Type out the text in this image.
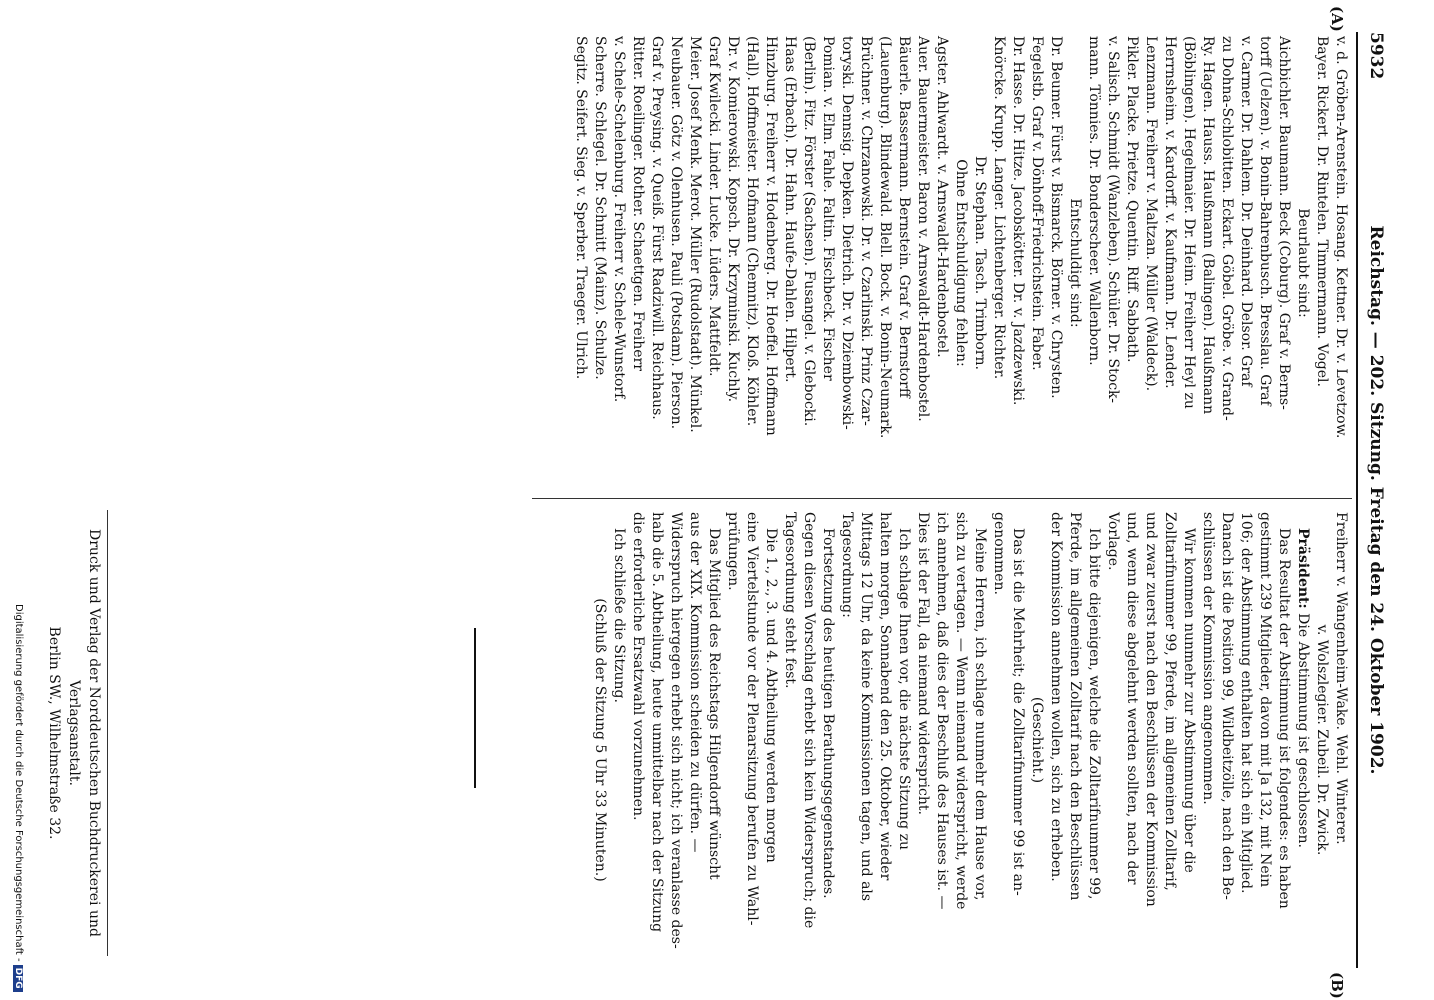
5932
Reichstag. — 202. Sitzung. Freitag den 24. Oktober 1902.
(A)
(B)

v. d. Gröben-Arenstein. Hosang. Kettner. Dr. v. Levetzow.

Bayer. Rickert. Dr. Rintelen. Timmermann. Vogel.

Beurlaubt sind:

Aichbichler. Baumann. Beck (Coburg). Graf v. Berns-

torff (Uelzen). v. Bonin-Bahrenbusch. Bresslau. Graf

v. Carmer. Dr. Dahlem. Dr. Deinhard. Delsor. Graf

zu Dohna-Schlobitten. Eckart. Göbel. Gröbe. v. Grand-

Ry. Hagen. Hauss. Haußmann (Balingen). Haußmann

(Böblingen). Hegelmaier. Dr. Heim. Freiherr Heyl zu

Herrnsheim. v. Kardorff. v. Kaufmann. Dr. Lender.

Lenzmann. Freiherr v. Maltzan. Müller (Waldeck).

Pikler. Placke. Prietze. Quentin. Riff. Sabbath.

v. Salisch. Schmidt (Wanzleben). Schüler. Dr. Stock-

mann. Tönnies. Dr. Bonderscheer. Wallenborn.

Entschuldigt sind:

Dr. Beumer. Fürst v. Bismarck. Börner. v. Chrysten.

Fegelstb. Graf v. Dönhoff-Friedrichstein. Faber.

Dr. Hasse. Dr. Hitze. Jacobskötter. Dr. v. Jazdzewski.

Knörcke. Krupp. Langer. Lichtenberger. Richter.

Dr. Stephan. Tasch. Trimborn.

Ohne Entschuldigung fehlen:

Agster. Ahlwardt. v. Arnswaldt-Hardenbostel.

Auer. Bauermeister. Baron v. Arnswaldt-Hardenbostel.

Bäuerle. Bassermann. Bernstein. Graf v. Bernstorff

(Lauenburg). Blindewald. Blell. Bock. v. Bonin-Neumark.

Brüchner. v. Chrzanowski. Dr. v. Czarlinski. Prinz Czar-

toryski. Dennsig. Depken. Dietrich. Dr. v. Dziembowski-

Pomian. v. Elm. Fahle. Faltin. Fischbeck. Fischer

(Berlin). Fitz. Förster (Sachsen). Fusangel. v. Glebocki.

Haas (Erbach). Dr. Hahn. Haufe-Dahlen. Hilpert.

Hinzburg. Freiherr v. Hodenberg. Dr. Hoeffel. Hoffmann

(Hall). Hoffmeister. Hofmann (Chemnitz). Kloß. Köhler.

Dr. v. Komierowski. Kopsch. Dr. Krzyminski. Kuchly.

Graf Kwilecki. Linder. Lucke. Lüders. Mattfeldt.

Meier. Josef Menk. Merot. Müller (Rudolstadt). Münkel.

Neubauer. Götz v. Olenhusen. Pauli (Potsdam). Pierson.

Graf v. Preysing. v. Queiß. Fürst Radziwill. Reichhaus.

Ritter. Roeilinger. Rother. Schaettgen. Freiherr

v. Schele-Schelenburg. Freiherr v. Schele-Wunstorf.

Scherre. Schlegel. Dr. Schmitt (Mainz). Schulze.

Segitz. Seifert. Sieg. v. Sperber. Traeger. Ulrich.

Freiherr v. Wangenheim-Wake. Wehl. Winterer.

v. Wolszlegier. Zubeil. Dr. Zwick.

Präsident: Die Abstimmung ist geschlossen.

Das Resultat der Abstimmung ist folgendes: es haben

gestimmt 239 Mitglieder, davon mit Ja 132, mit Nein

106; der Abstimmung enthalten hat sich ein Mitglied.

Danach ist die Position 99, Wildbeitzölle, nach den Be-

schlüssen der Kommission angenommen.

Wir kommen nunmehr zur Abstimmung über die

Zolltarifnummer 99, Pferde, im allgemeinen Zolltarif,

und zwar zuerst nach den Beschlüssen der Kommission

und, wenn diese abgelehnt werden sollten, nach der

Vorlage.

Ich bitte diejenigen, welche die Zolltarifnummer 99,

Pferde, im allgemeinen Zolltarif nach den Beschlüssen

der Kommission annehmen wollen, sich zu erheben.

(Geschieht.)

Das ist die Mehrheit; die Zolltarifnummer 99 ist an-

genommen.

Meine Herren, ich schlage nunmehr dem Hause vor,

sich zu vertagen. — Wenn niemand widerspricht, werde

ich annehmen, daß dies der Beschluß des Hauses ist. —

Dies ist der Fall, da niemand widerspricht.

Ich schlage Ihnen vor, die nächste Sitzung zu

halten morgen, Sonnabend den 25. Oktober, wieder

Mittags 12 Uhr, da keine Kommissionen tagen, und als

Tagesordnung:

Fortsetzung des heutigen Berathungsgegenstandes.

Gegen diesen Vorschlag erhebt sich kein Widerspruch; die

Tagesordnung steht fest.

Die 1., 2., 3. und 4. Abtheilung werden morgen

eine Viertelstunde vor der Plenarsitzung berufen zu Wahl-

prüfungen.

Das Mitglied des Reichstags Hilgendorff wünscht

aus der XIX. Kommission scheiden zu dürfen. —

Widerspruch hiergegen erhebt sich nicht; ich veranlasse des-

halb die 5. Abtheilung, heute unmittelbar nach der Sitzung

die erforderliche Ersatzwahl vorzunehmen.

Ich schließe die Sitzung.

(Schluß der Sitzung 5 Uhr 33 Minuten.)

Druck und Verlag der Norddeutschen Buchdruckerei und Verlagsanstalt.
Berlin SW., Wilhelmstraße 32.
Digitalisierung gefördert durch die Deutsche Forschungsgemeinschaft -DFG
